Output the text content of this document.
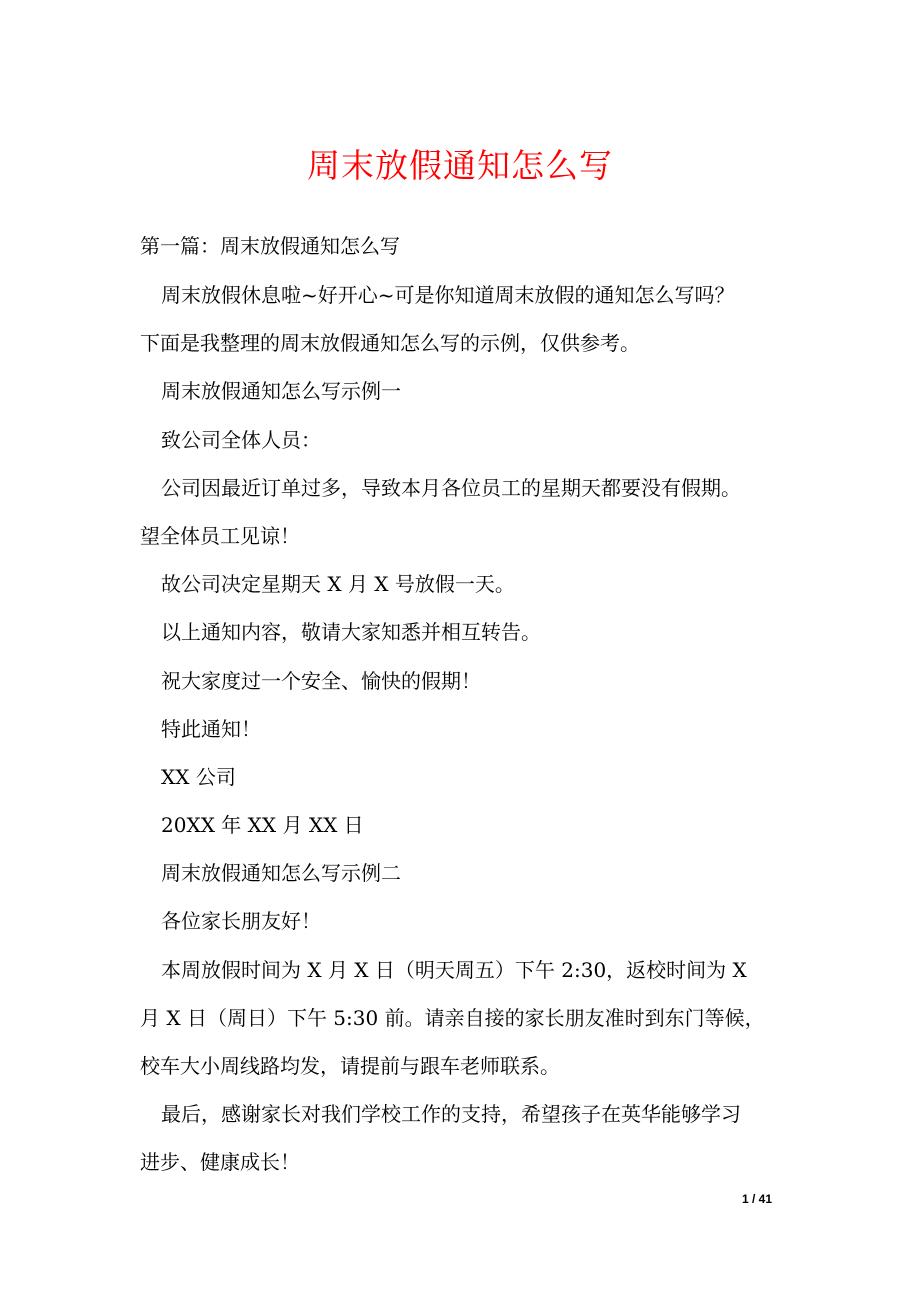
周末放假通知怎么写

第一篇：周末放假通知怎么写

周末放假休息啦~好开心~可是你知道周末放假的通知怎么写吗？

下面是我整理的周末放假通知怎么写的示例，仅供参考。

周末放假通知怎么写示例一

致公司全体人员：

公司因最近订单过多，导致本月各位员工的星期天都要没有假期。

望全体员工见谅！

故公司决定星期天 X 月 X 号放假一天。

以上通知内容，敬请大家知悉并相互转告。

祝大家度过一个安全、愉快的假期！

特此通知！

XX 公司

20XX 年 XX 月 XX 日

周末放假通知怎么写示例二

各位家长朋友好！

本周放假时间为 X 月 X 日（明天周五）下午 2:30，返校时间为 X

月 X 日（周日）下午 5:30 前。请亲自接的家长朋友准时到东门等候，

校车大小周线路均发，请提前与跟车老师联系。

最后，感谢家长对我们学校工作的支持，希望孩子在英华能够学习

进步、健康成长！

1 / 41
